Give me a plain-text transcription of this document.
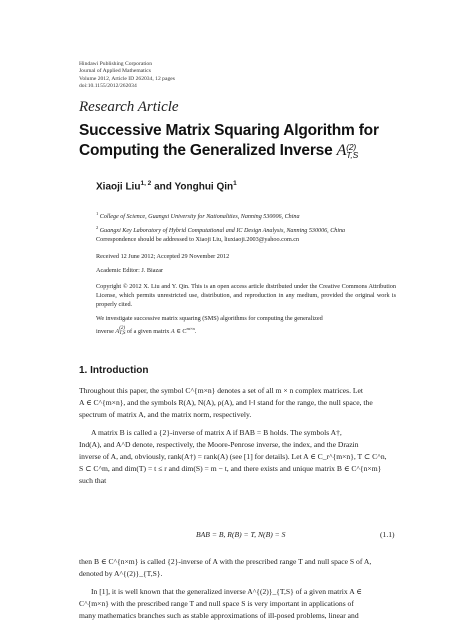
Hindawi Publishing Corporation
Journal of Applied Mathematics
Volume 2012, Article ID 262034, 12 pages
doi:10.1155/2012/262034
Research Article
Successive Matrix Squaring Algorithm for
Computing the Generalized Inverse A (2)
T,S
Xiaoji Liu$^{1, 2}$ and Yonghui Qin$^1$
$^1$ College of Science, Guangxi University for Nationalities, Nanning 530006, China
$^2$ Guangxi Key Laboratory of Hybrid Computational and IC Design Analysis, Nanning 530006, China
Correspondence should be addressed to Xiaoji Liu, liuxiaoji.2003@yahoo.com.cn
Received 12 June 2012; Accepted 29 November 2012
Academic Editor: J. Biazar
Copyright © 2012 X. Liu and Y. Qin. This is an open access article distributed under the Creative Commons Attribution License, which permits unrestricted use, distribution, and reproduction in any medium, provided the original work is properly cited.
We investigate successive matrix squaring (SMS) algorithms for computing the generalized
inverse A (2)
T,S of a given matrix A ∈ $C^{m\times n}$.
1. Introduction

Throughout this paper, the symbol C^{m×n} denotes a set of all m × n complex matrices. Let

A ∈ C^{m×n}, and the symbols R(A), N(A), ρ(A), and ‖·‖ stand for the range, the null space, the

spectrum of matrix A, and the matrix norm, respectively.

A matrix B is called a {2}-inverse of matrix A if BAB = B holds. The symbols A†,

Ind(A), and A^D denote, respectively, the Moore-Penrose inverse, the index, and the Drazin

inverse of A, and, obviously, rank(A†) = rank(A) (see [1] for details). Let A ∈ C_r^{m×n}, T ⊂ C^n,

S ⊂ C^m, and dim(T) = t ≤ r and dim(S) = m − t, and there exists and unique matrix B ∈ C^{n×m}

such that

BAB = B, R(B) = T, N(B) = S	(1.1)

then B ∈ C^{n×m} is called {2}-inverse of A with the prescribed range T and null space S of A,

denoted by A^{(2)}_{T,S}.

In [1], it is well known that the generalized inverse A^{(2)}_{T,S} of a given matrix A ∈

C^{m×n} with the prescribed range T and null space S is very important in applications of

many mathematics branches such as stable approximations of ill-posed problems, linear and
